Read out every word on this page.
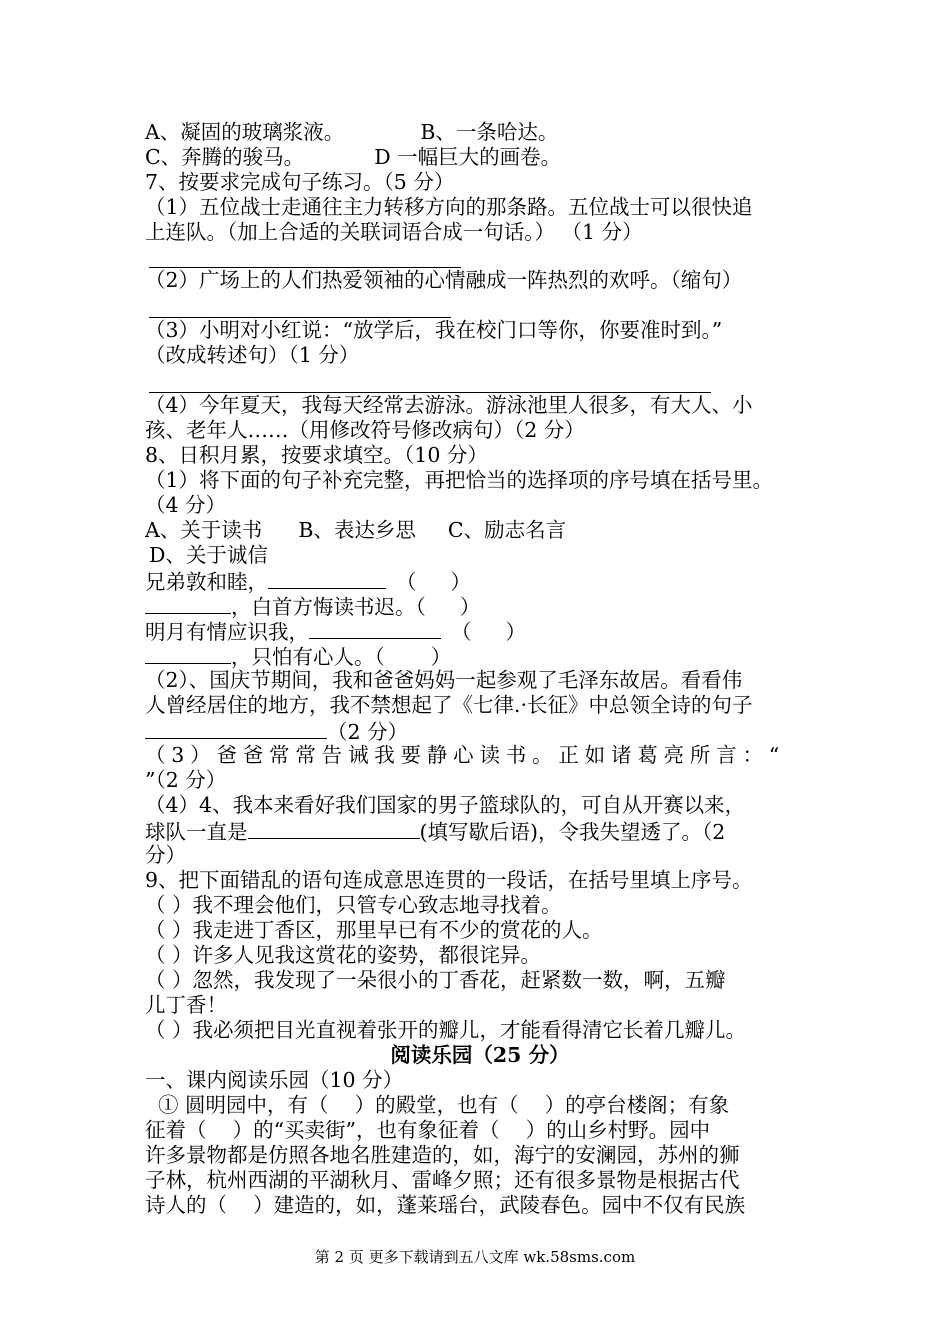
A、凝固的玻璃浆液。	B、一条哈达。
C、奔腾的骏马。	D 一幅巨大的画卷。
7、按要求完成句子练习。（5 分）
（1）五位战士走通往主力转移方向的那条路。五位战士可以很快追
上连队。（加上合适的关联词语合成一句话。） （1 分）
（2）广场上的人们热爱领袖的心情融成一阵热烈的欢呼。（缩句）
（3）小明对小红说：“放学后，我在校门口等你，你要准时到。”
（改成转述句）（1 分）
（4）今年夏天，我每天经常去游泳。游泳池里人很多，有大人、小
孩、老年人……（用修改符号修改病句）（2 分）
8、日积月累，按要求填空。（10 分）
（1）将下面的句子补充完整，再把恰当的选择项的序号填在括号里。
（4 分）
A、关于读书 B、表达乡思 C、励志名言
D、关于诚信
兄弟敦和睦，	（ ）
，白首方悔读书迟。（ ）
明月有情应识我，	（ ）
，只怕有心人。（ ）
（2）、国庆节期间，我和爸爸妈妈一起参观了毛泽东故居。看看伟
人曾经居住的地方，我不禁想起了《七律.·长征》中总领全诗的句子
（2 分）
（3）爸爸常常告诫我要静心读书。正如诸葛亮所言：“
”（2 分）
（4）4、我本来看好我们国家的男子篮球队的，可自从开赛以来，
球队一直是	(填写歇后语)，令我失望透了。（2
分）
9、把下面错乱的语句连成意思连贯的一段话，在括号里填上序号。
（ ）我不理会他们，只管专心致志地寻找着。
（ ）我走进丁香区，那里早已有不少的赏花的人。
（ ）许多人见我这赏花的姿势，都很诧异。
（ ）忽然，我发现了一朵很小的丁香花，赶紧数一数，啊，五瓣
儿丁香！
（ ）我必须把目光直视着张开的瓣儿，才能看得清它长着几瓣儿。
阅读乐园（25 分）
一、课内阅读乐园（10 分）
① 圆明园中，有（    ）的殿堂，也有（    ）的亭台楼阁；有象
征着（    ）的“买卖街”，也有象征着（    ）的山乡村野。园中
许多景物都是仿照各地名胜建造的，如，海宁的安澜园，苏州的狮
子林，杭州西湖的平湖秋月、雷峰夕照；还有很多景物是根据古代
诗人的（    ）建造的，如，蓬莱瑶台，武陵春色。园中不仅有民族
第 2 页 更多下载请到五八文库 wk.58sms.com
